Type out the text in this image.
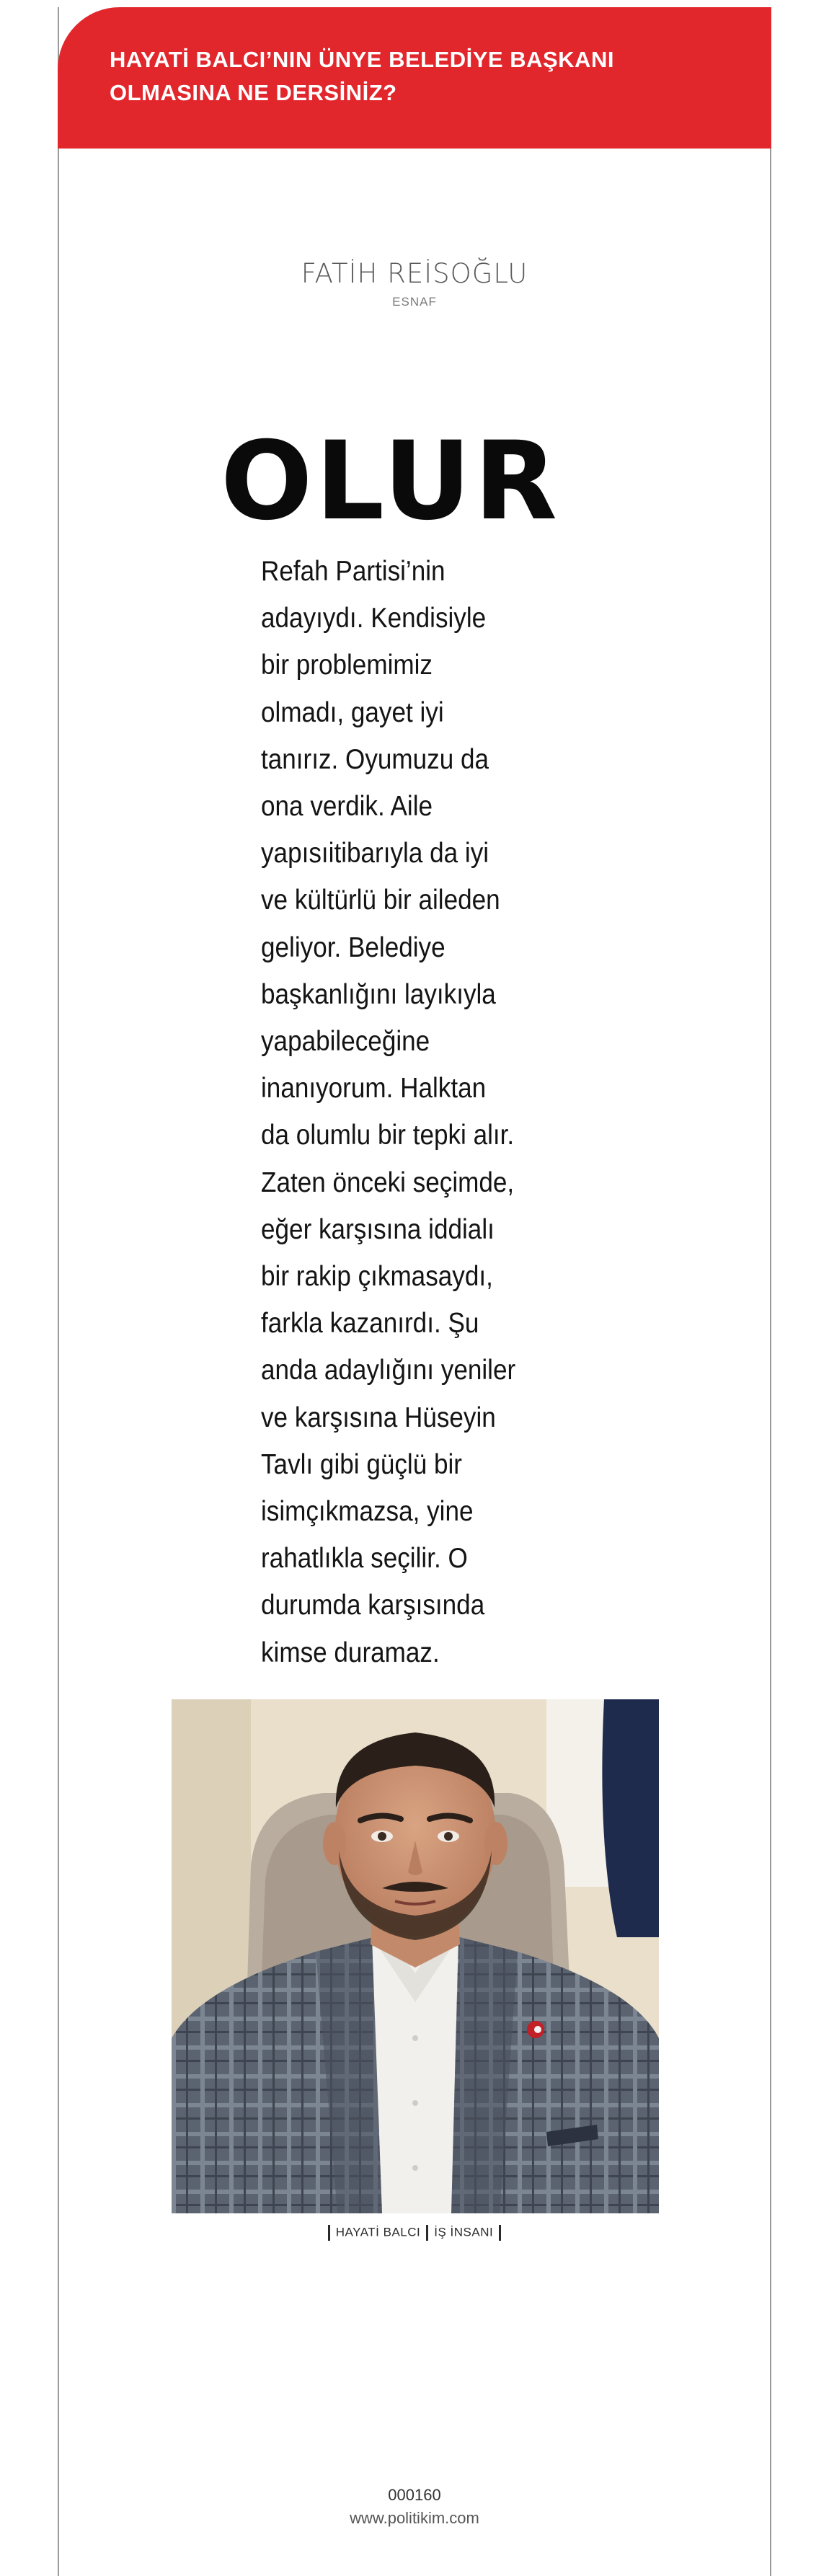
HAYATİ BALCI’NIN ÜNYE BELEDİYE BAŞKANI OLMASINA NE DERSİNİZ?
FATİH REİSOĞLU
ESNAF
OLUR
Refah Partisi’nin
adayıydı. Kendisiyle
bir problemimiz
olmadı, gayet iyi
tanırız. Oyumuzu da
ona verdik. Aile
yapısıitibarıyla da iyi
ve kültürlü bir aileden
geliyor. Belediye
başkanlığını layıkıyla
yapabileceğine
inanıyorum. Halktan
da olumlu bir tepki alır.
Zaten önceki seçimde,
eğer karşısına iddialı
bir rakip çıkmasaydı,
farkla kazanırdı. Şu
anda adaylığını yeniler
ve karşısına Hüseyin
Tavlı gibi güçlü bir
isimçıkmazsa, yine
rahatlıkla seçilir. O
durumda karşısında
kimse duramaz.
HAYATİ BALCI İŞ İNSANI
000160
www.politikim.com
